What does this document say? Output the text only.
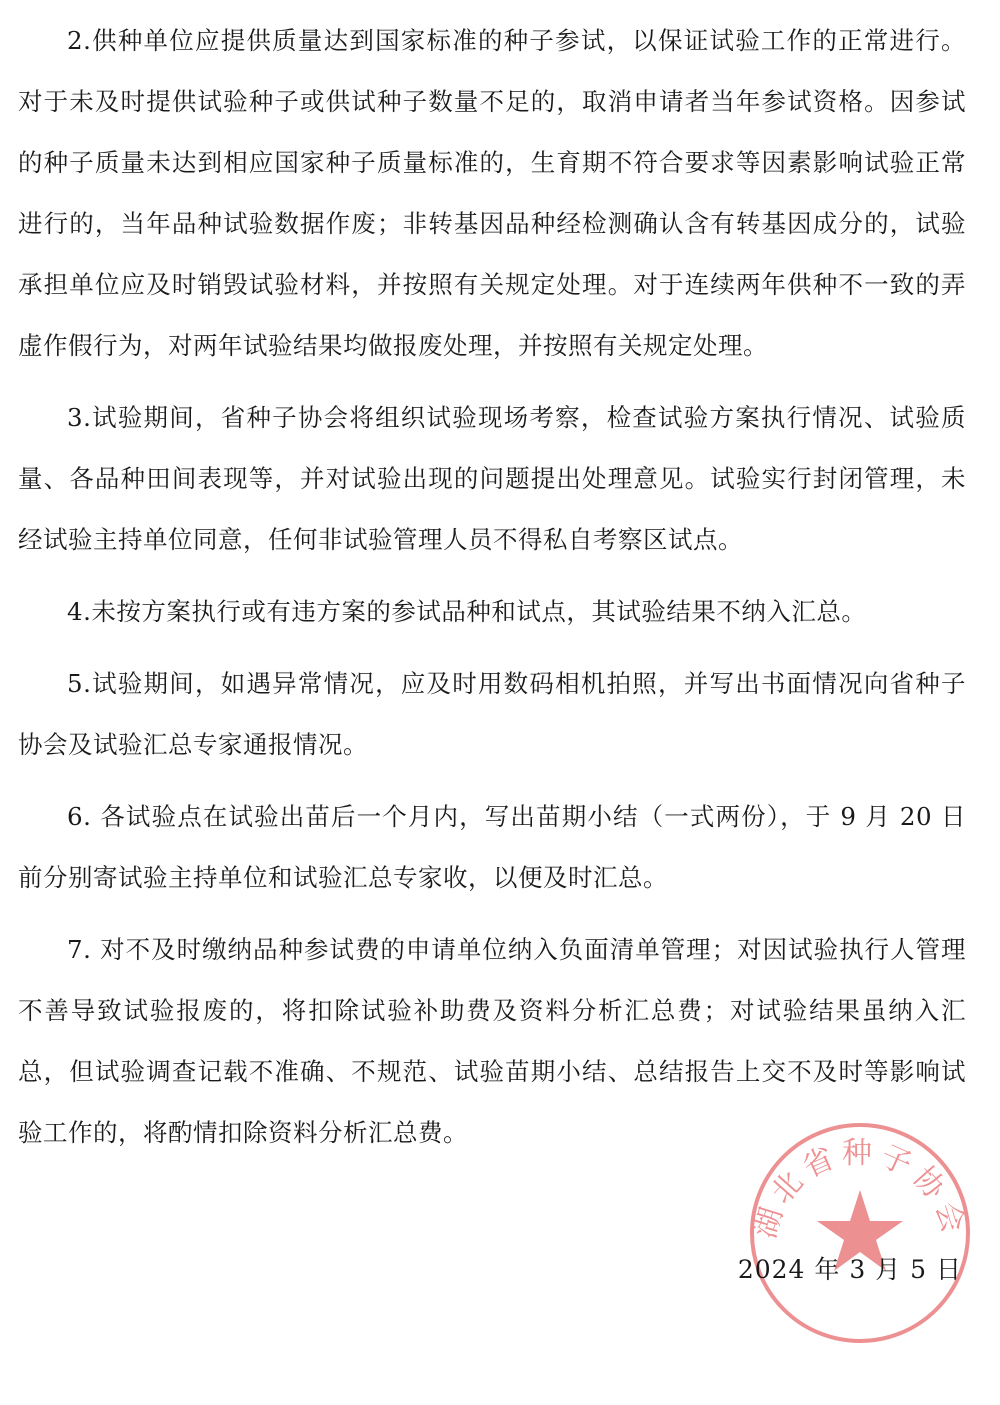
2.供种单位应提供质量达到国家标准的种子参试，以保证试验工作的正常进行。对于未及时提供试验种子或供试种子数量不足的，取消申请者当年参试资格。因参试的种子质量未达到相应国家种子质量标准的，生育期不符合要求等因素影响试验正常进行的，当年品种试验数据作废；非转基因品种经检测确认含有转基因成分的，试验承担单位应及时销毁试验材料，并按照有关规定处理。对于连续两年供种不一致的弄虚作假行为，对两年试验结果均做报废处理，并按照有关规定处理。

3.试验期间，省种子协会将组织试验现场考察，检查试验方案执行情况、试验质量、各品种田间表现等，并对试验出现的问题提出处理意见。试验实行封闭管理，未经试验主持单位同意，任何非试验管理人员不得私自考察区试点。

4.未按方案执行或有违方案的参试品种和试点，其试验结果不纳入汇总。

5.试验期间，如遇异常情况，应及时用数码相机拍照，并写出书面情况向省种子协会及试验汇总专家通报情况。

6. 各试验点在试验出苗后一个月内，写出苗期小结（一式两份），于 9 月 20 日前分别寄试验主持单位和试验汇总专家收，以便及时汇总。

7. 对不及时缴纳品种参试费的申请单位纳入负面清单管理；对因试验执行人管理不善导致试验报废的，将扣除试验补助费及资料分析汇总费；对试验结果虽纳入汇总，但试验调查记载不准确、不规范、试验苗期小结、总结报告上交不及时等影响试验工作的，将酌情扣除资料分析汇总费。

湖北省种子协会
2024 年 3 月 5 日
